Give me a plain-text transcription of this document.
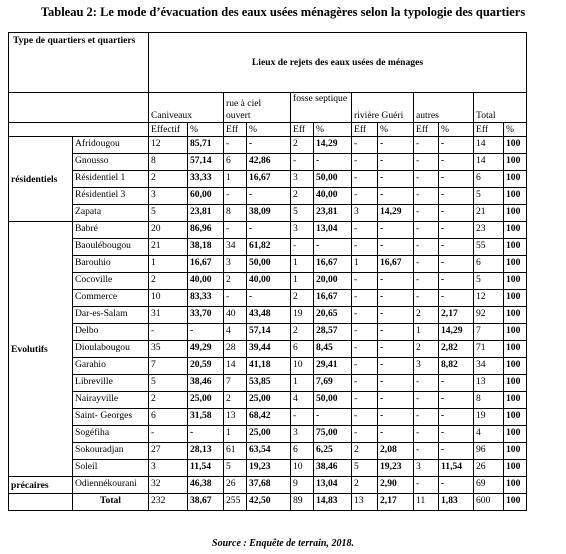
Tableau 2: Le mode d’évacuation des eaux usées ménagères selon la typologie des quartiers
Type de quartiers et quartiers		Lieux de rejets des eaux usées de ménages											
		Caniveaux		rue à ciel ouvert		fosse septique		rivière Guéri		autres		Total	
		Effectif	%	Eff	%	Eff	%	Eff	%	Eff	%	Eff	%
résidentiels	Afridougou	12	85,71	-	-	2	14,29	-	-	-	-	14	100
	Gnousso	8	57,14	6	42,86	-	-	-	-	-	-	14	100
	Résidentiel 1	2	33,33	1	16,67	3	50,00	-	-	-	-	6	100
	Résidentiel 3	3	60,00	-	-	2	40,00	-	-	-	-	5	100
	Zapata	5	23,81	8	38,09	5	23,81	3	14,29	-	-	21	100
Evolutifs	Babré	20	86,96	-	-	3	13,04	-	-	-	-	23	100
	Baoulébougou	21	38,18	34	61,82	-	-	-	-	-	-	55	100
	Barouhio	1	16,67	3	50,00	1	16,67	1	16,67	-	-	6	100
	Cocoville	2	40,00	2	40,00	1	20,00	-	-	-	-	5	100
	Commerce	10	83,33	-	-	2	16,67	-	-	-	-	12	100
	Dar-es-Salam	31	33,70	40	43,48	19	20,65	-	-	2	2,17	92	100
	Delbo	-	-	4	57,14	2	28,57	-	-	1	14,29	7	100
	Dioulabougou	35	49,29	28	39,44	6	8,45	-	-	2	2,82	71	100
	Garahio	7	20,59	14	41,18	10	29,41	-	-	3	8,82	34	100
	Libreville	5	38,46	7	53,85	1	7,69	-	-	-	-	13	100
	Nairayville	2	25,00	2	25,00	4	50,00	-	-	-	-	8	100
	Saint- Georges	6	31,58	13	68,42	-	-	-	-	-	-	19	100
	Sogéfiha	-	-	1	25,00	3	75,00	-	-	-	-	4	100
	Sokouradjan	27	28,13	61	63,54	6	6,25	2	2,08	-	-	96	100
	Soleil	3	11,54	5	19,23	10	38,46	5	19,23	3	11,54	26	100
précaires	Odiennékourani	32	46,38	26	37,68	9	13,04	2	2,90	-	-	69	100
	Total	232	38,67	255	42,50	89	14,83	13	2,17	11	1,83	600	100
Source : Enquête de terrain, 2018.
